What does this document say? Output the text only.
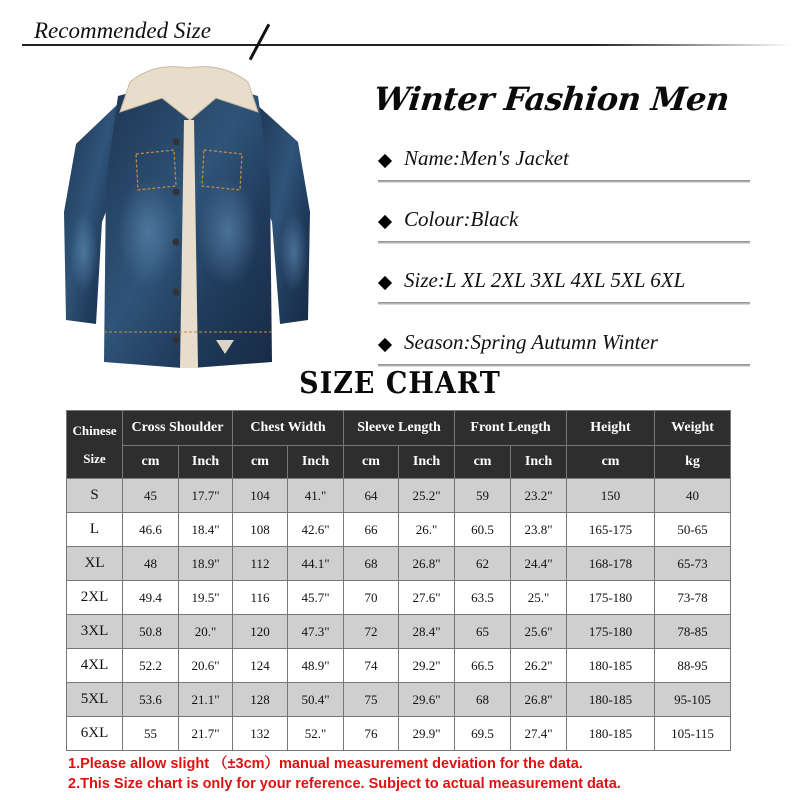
Recommended Size
Winter Fashion Men
Name:Men's Jacket
Colour:Black
Size:L XL 2XL 3XL 4XL 5XL 6XL
Season:Spring Autumn Winter
SIZE CHART
Chinese
Size	Cross Shoulder		Chest Width		Sleeve Length		Front Length		Height	Weight
	cm	Inch	cm	Inch	cm	Inch	cm	Inch	cm	kg
S	45	17.7"	104	41."	64	25.2"	59	23.2"	150	40
L	46.6	18.4"	108	42.6"	66	26."	60.5	23.8"	165-175	50-65
XL	48	18.9"	112	44.1"	68	26.8"	62	24.4"	168-178	65-73
2XL	49.4	19.5"	116	45.7"	70	27.6"	63.5	25."	175-180	73-78
3XL	50.8	20."	120	47.3"	72	28.4"	65	25.6"	175-180	78-85
4XL	52.2	20.6"	124	48.9"	74	29.2"	66.5	26.2"	180-185	88-95
5XL	53.6	21.1"	128	50.4"	75	29.6"	68	26.8"	180-185	95-105
6XL	55	21.7"	132	52."	76	29.9"	69.5	27.4"	180-185	105-115
1.Please allow slight （±3cm）manual measurement deviation for the data.
2.This Size chart is only for your reference. Subject to actual measurement data.
